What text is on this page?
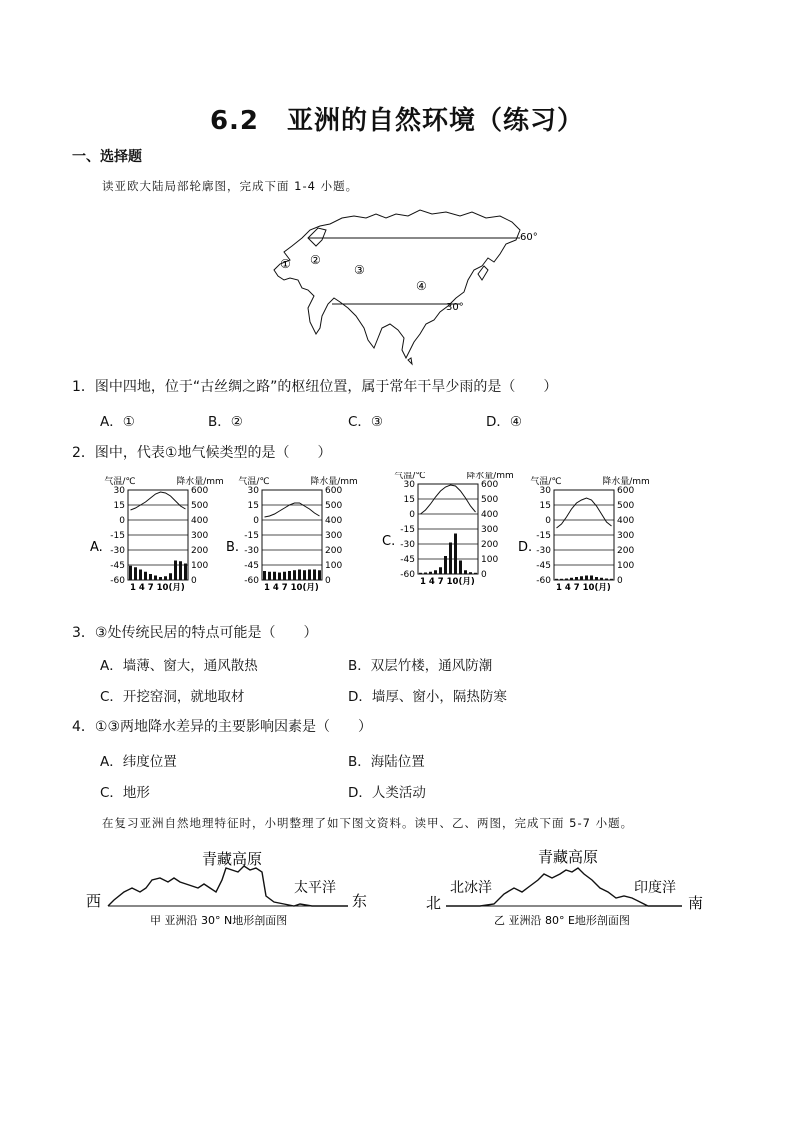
6.2 亚洲的自然环境（练习）
一、选择题
读亚欧大陆局部轮廓图，完成下面 1-4 小题。
60°
30°
① ②
③
④
1．图中四地，位于“古丝绸之路”的枢纽位置，属于常年干旱少雨的是（　　）
A．①	B．②	C．③	D．④
2．图中，代表①地气候类型的是（　　）
A.
气温/℃	降水量/mm
30	600
15	500
0	400
-15	300
-30	200
-45	100
-60	0
1 4 7 10(月)
B.
气温/℃	降水量/mm
30	600
15	500
0	400
-15	300
-30	200
-45	100
-60	0
1 4 7 10(月)
C.
气温/℃	降水量/mm
30	600
15	500
0	400
-15	300
-30	200
-45	100
-60	0
1 4 7 10(月)
D.
气温/℃	降水量/mm
30	600
15	500
0	400
-15	300
-30	200
-45	100
-60	0
1 4 7 10(月)
3．③处传统民居的特点可能是（　　）
A．墙薄、窗大，通风散热	B．双层竹楼，通风防潮
C．开挖窑洞，就地取材	D．墙厚、窗小，隔热防寒
4．①③两地降水差异的主要影响因素是（　　）
A．纬度位置	B．海陆位置
C．地形	D．人类活动
在复习亚洲自然地理特征时，小明整理了如下图文资料。读甲、乙、两图，完成下面 5-7 小题。
西	东
青藏高原
太平洋
甲 亚洲沿 30° N地形剖面图
北	南
青藏高原
北冰洋	印度洋
乙 亚洲沿 80° E地形剖面图
